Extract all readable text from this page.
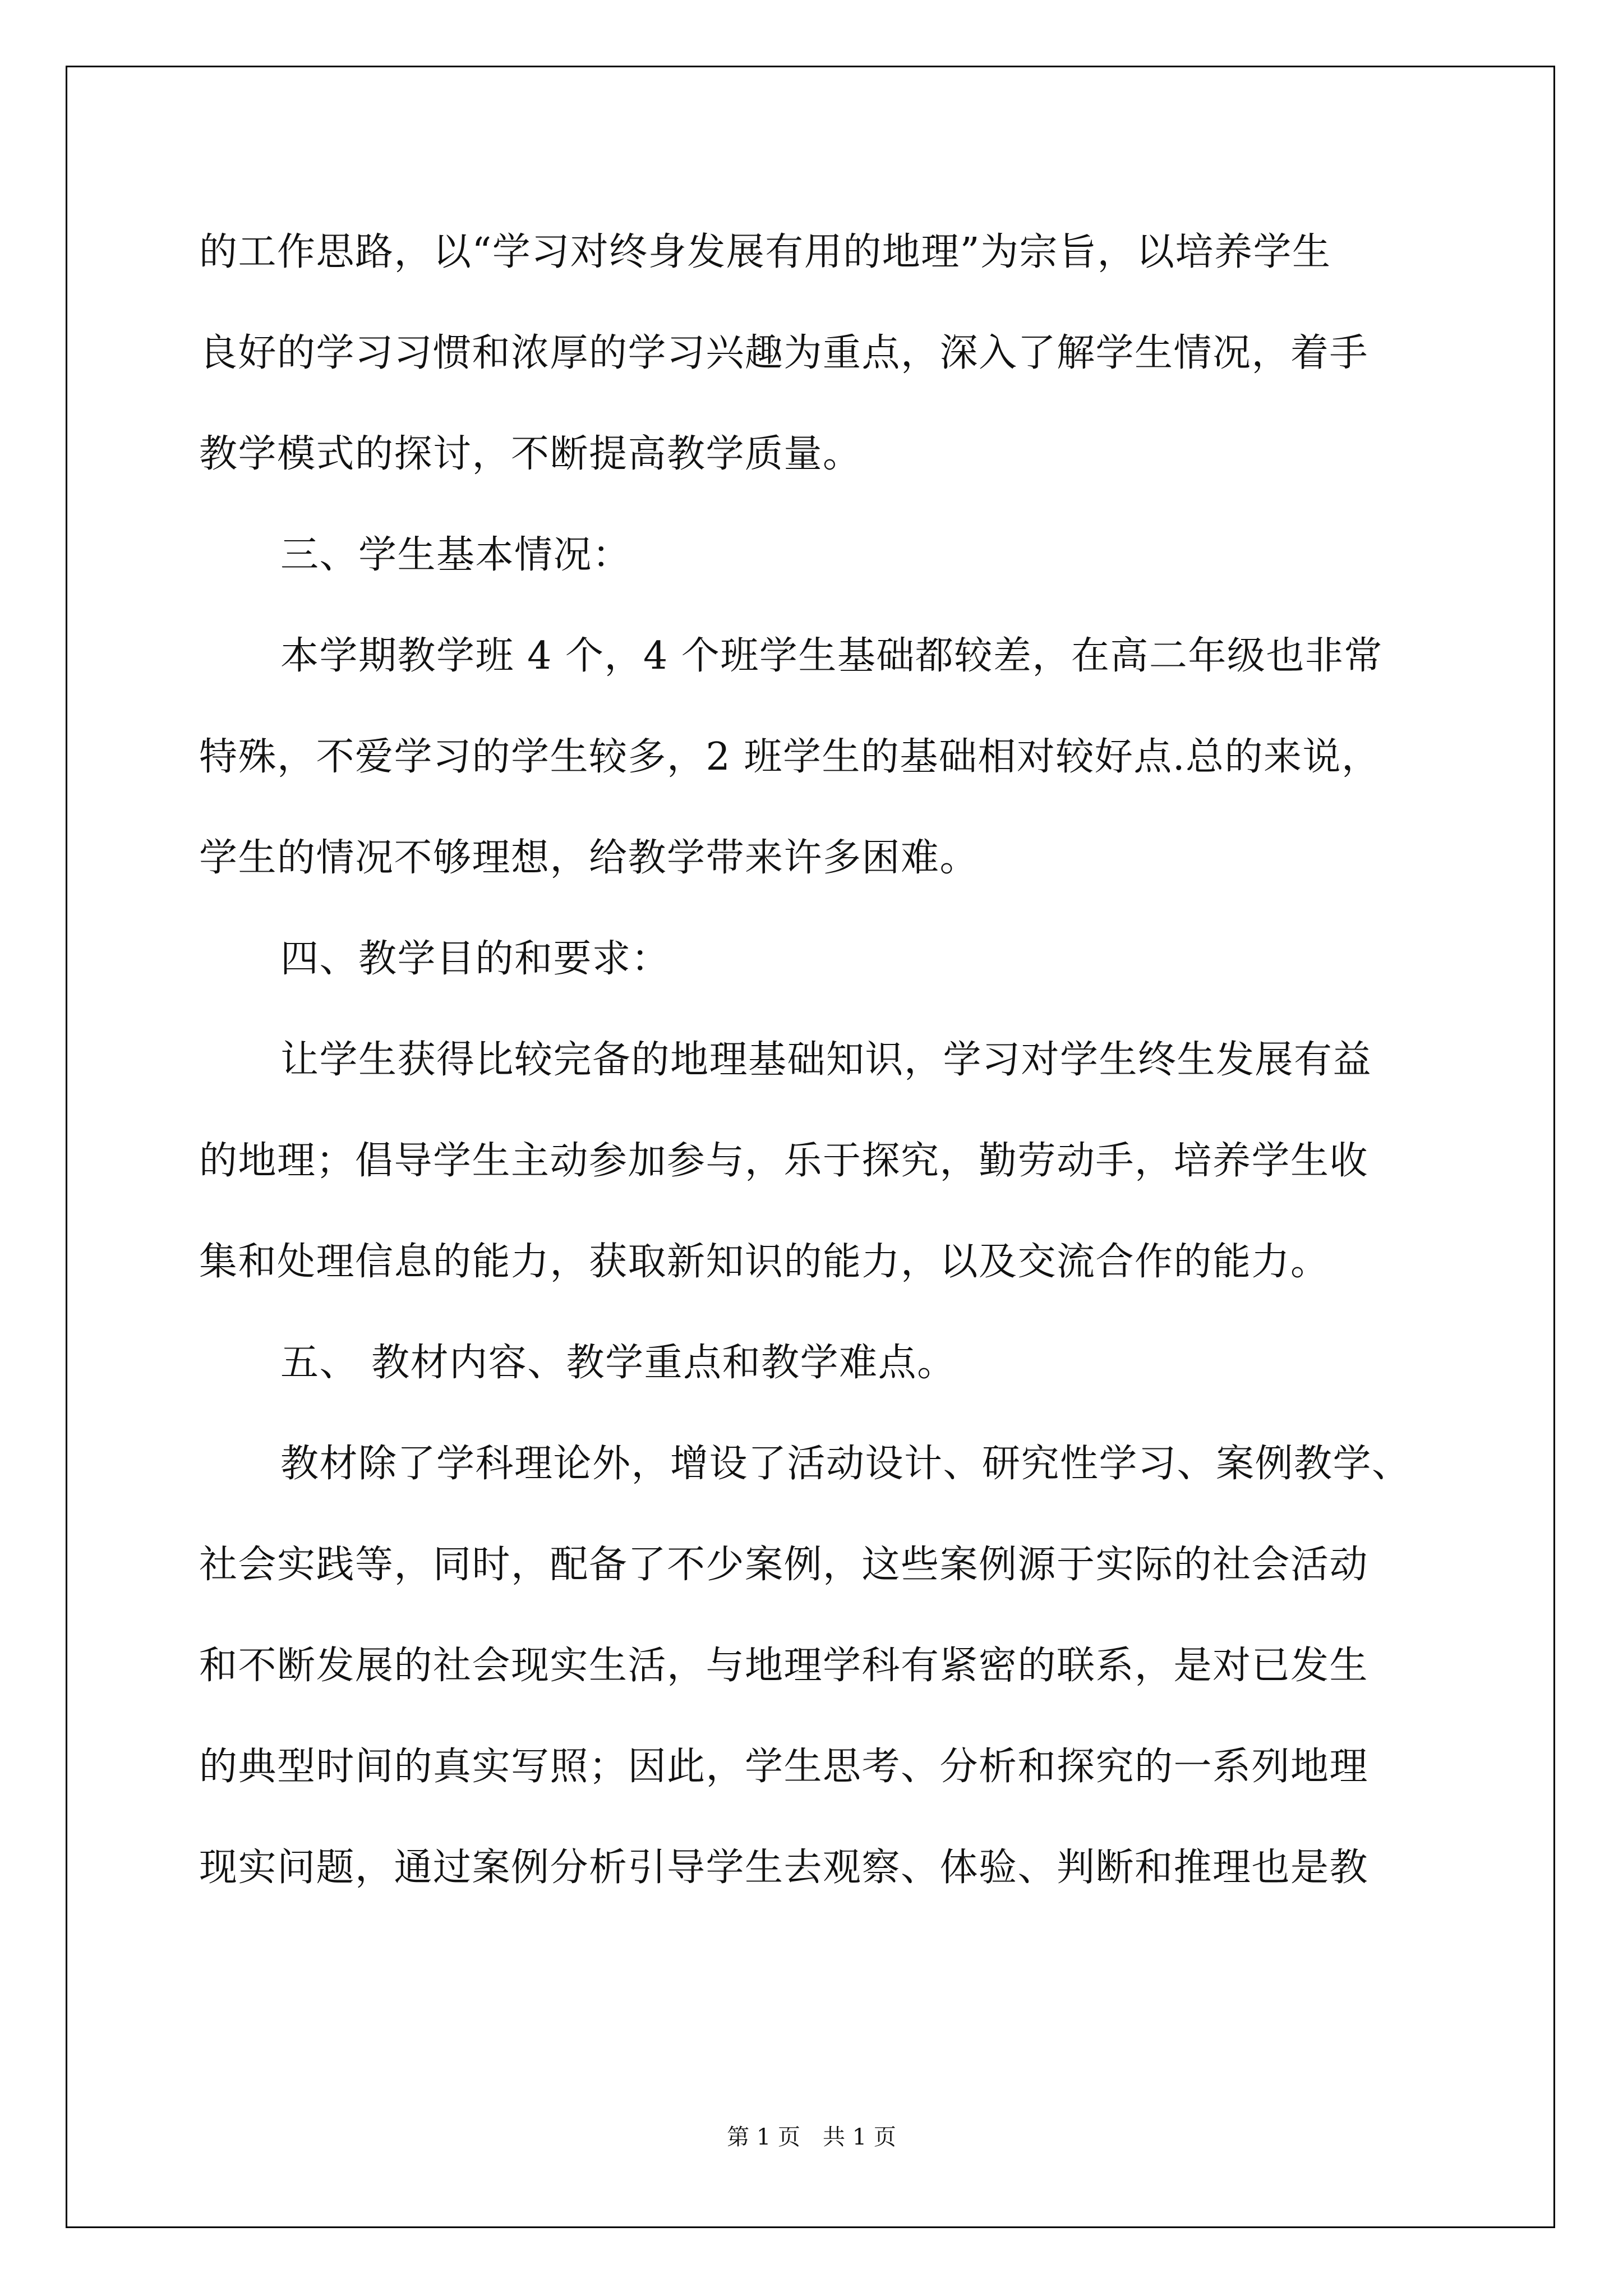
的工作思路，以“学习对终身发展有用的地理”为宗旨，以培养学生
良好的学习习惯和浓厚的学习兴趣为重点，深入了解学生情况，着手
教学模式的探讨，不断提高教学质量。
三、学生基本情况：
本学期教学班 4 个，4 个班学生基础都较差，在高二年级也非常
特殊，不爱学习的学生较多，2 班学生的基础相对较好点.总的来说，
学生的情况不够理想，给教学带来许多困难。
四、教学目的和要求：
让学生获得比较完备的地理基础知识，学习对学生终生发展有益
的地理；倡导学生主动参加参与，乐于探究，勤劳动手，培养学生收
集和处理信息的能力，获取新知识的能力，以及交流合作的能力。
五、 教材内容、教学重点和教学难点。
教材除了学科理论外，增设了活动设计、研究性学习、案例教学、
社会实践等，同时，配备了不少案例，这些案例源于实际的社会活动
和不断发展的社会现实生活，与地理学科有紧密的联系，是对已发生
的典型时间的真实写照；因此，学生思考、分析和探究的一系列地理
现实问题，通过案例分析引导学生去观察、体验、判断和推理也是教
第 1 页 共 1 页
